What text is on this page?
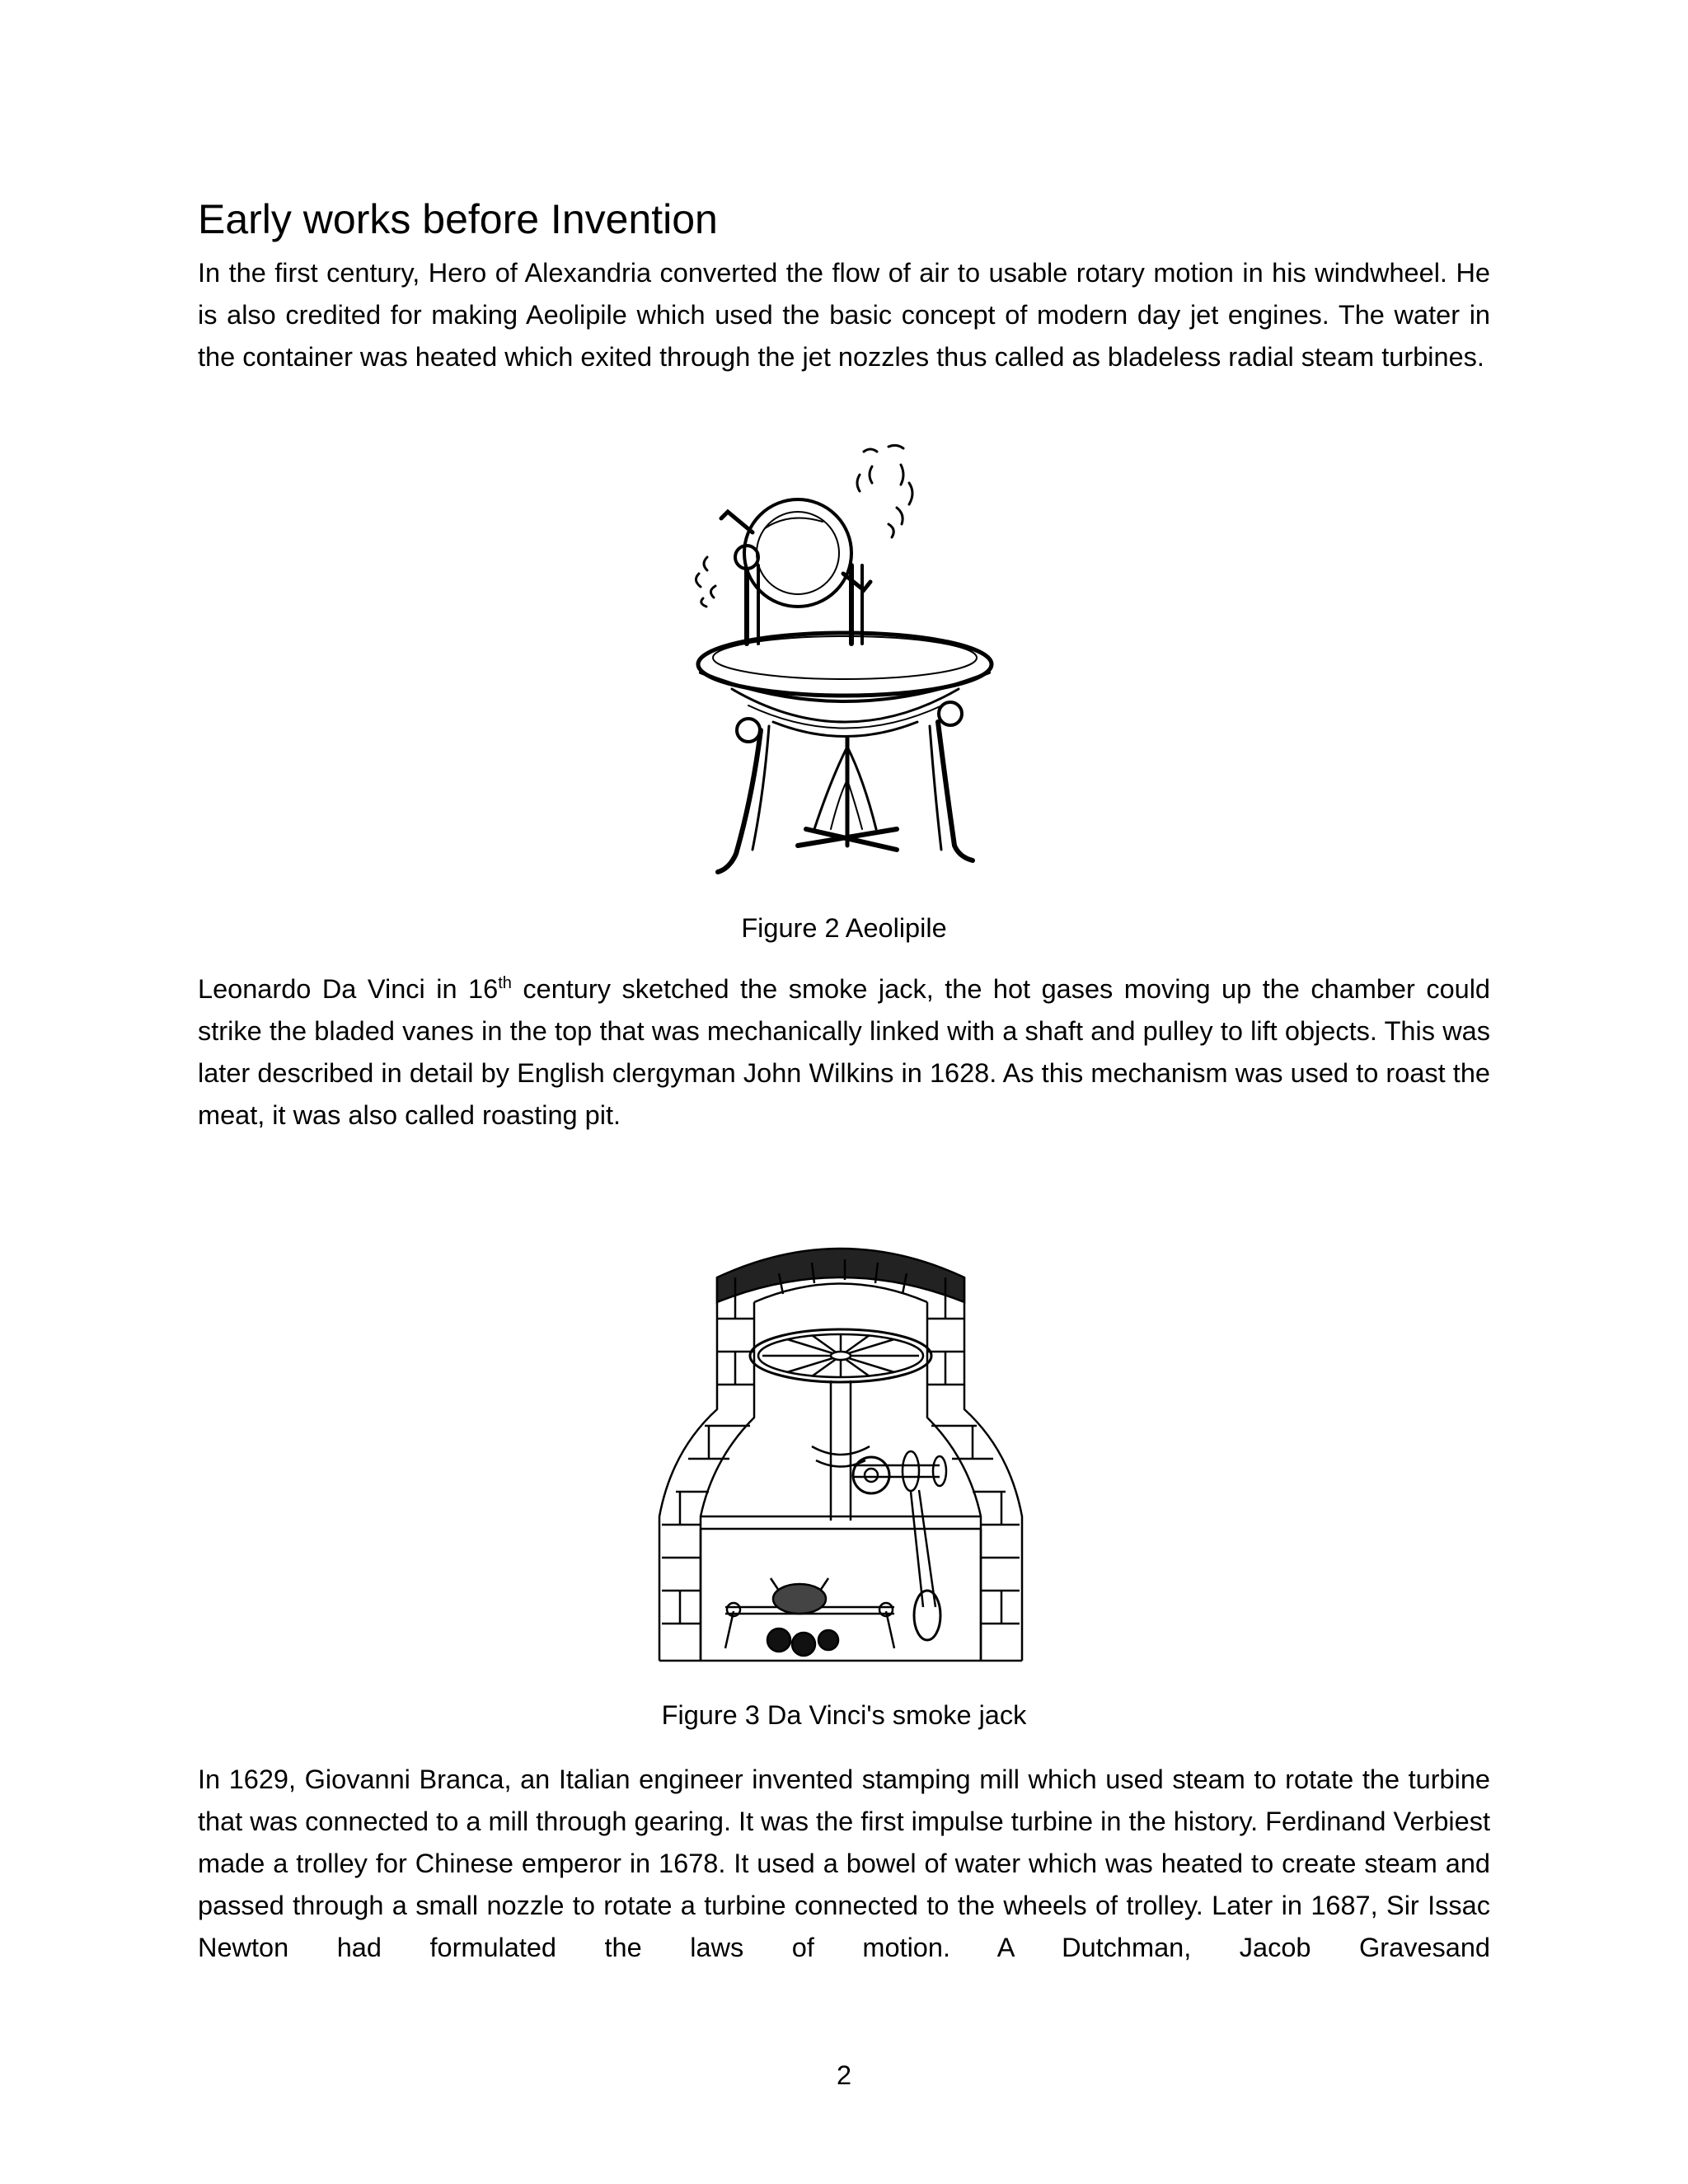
Early works before Invention

In the first century, Hero of Alexandria converted the flow of air to usable rotary motion in his windwheel. He is also credited for making Aeolipile which used the basic concept of modern day jet engines. The water in the container was heated which exited through the jet nozzles thus called as bladeless radial steam turbines.

Figure 2 Aeolipile

Leonardo Da Vinci in 16th century sketched the smoke jack, the hot gases moving up the chamber could strike the bladed vanes in the top that was mechanically linked with a shaft and pulley to lift objects. This was later described in detail by English clergyman John Wilkins in 1628. As this mechanism was used to roast the meat, it was also called roasting pit.

Figure 3 Da Vinci's smoke jack

In 1629, Giovanni Branca, an Italian engineer invented stamping mill which used steam to rotate the turbine that was connected to a mill through gearing. It was the first impulse turbine in the history. Ferdinand Verbiest made a trolley for Chinese emperor in 1678. It used a bowel of water which was heated to create steam and passed through a small nozzle to rotate a turbine connected to the wheels of trolley. Later in 1687, Sir Issac Newton had formulated the laws of motion. A Dutchman, Jacob Gravesand

2
